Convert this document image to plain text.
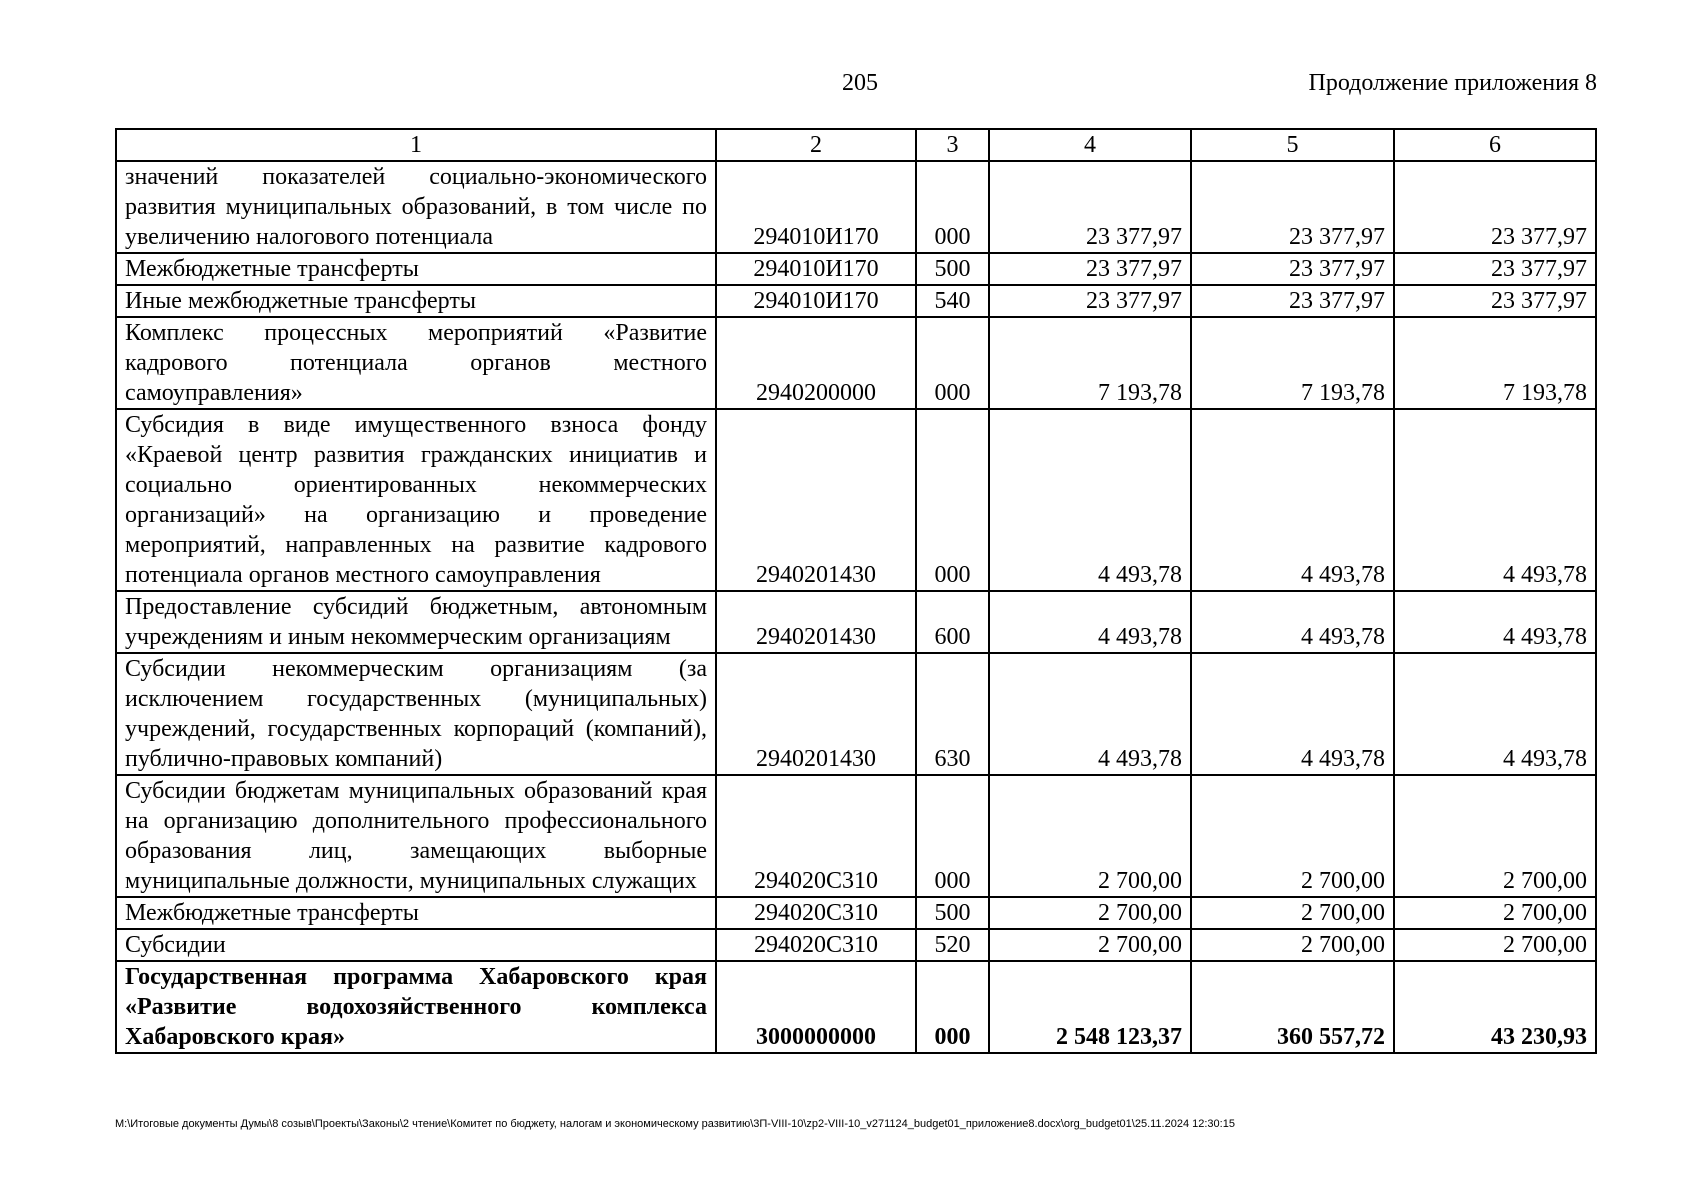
205	Продолжение приложения 8
1	2	3	4	5	6
значений показателей социально-экономического развития муниципальных образований, в том числе по увеличению налогового потенциала	294010И170	000	23 377,97	23 377,97	23 377,97
Межбюджетные трансферты	294010И170	500	23 377,97	23 377,97	23 377,97
Иные межбюджетные трансферты	294010И170	540	23 377,97	23 377,97	23 377,97
Комплекс процессных мероприятий «Развитие кадрового потенциала органов местного самоуправления»	2940200000	000	7 193,78	7 193,78	7 193,78
Субсидия в виде имущественного взноса фонду «Краевой центр развития гражданских инициатив и социально ориентированных некоммерческих организаций» на организацию и проведение мероприятий, направленных на развитие кадрового потенциала органов местного самоуправления	2940201430	000	4 493,78	4 493,78	4 493,78
Предоставление субсидий бюджетным, автономным учреждениям и иным некоммерческим организациям	2940201430	600	4 493,78	4 493,78	4 493,78
Субсидии некоммерческим организациям (за исключением государственных (муниципальных) учреждений, государственных корпораций (компаний), публично-правовых компаний)	2940201430	630	4 493,78	4 493,78	4 493,78
Субсидии бюджетам муниципальных образований края на организацию дополнительного профессионального образования лиц, замещающих выборные муниципальные должности, муниципальных служащих	294020С310	000	2 700,00	2 700,00	2 700,00
Межбюджетные трансферты	294020С310	500	2 700,00	2 700,00	2 700,00
Субсидии	294020С310	520	2 700,00	2 700,00	2 700,00
Государственная программа Хабаровского края «Развитие водохозяйственного комплекса Хабаровского края»	3000000000	000	2 548 123,37	360 557,72	43 230,93
M:\Итоговые документы Думы\8 созыв\Проекты\Законы\2 чтение\Комитет по бюджету, налогам и экономическому развитию\3П-VIII-10\zp2-VIII-10_v271124_budget01_приложение8.docx\org_budget01\25.11.2024 12:30:15
